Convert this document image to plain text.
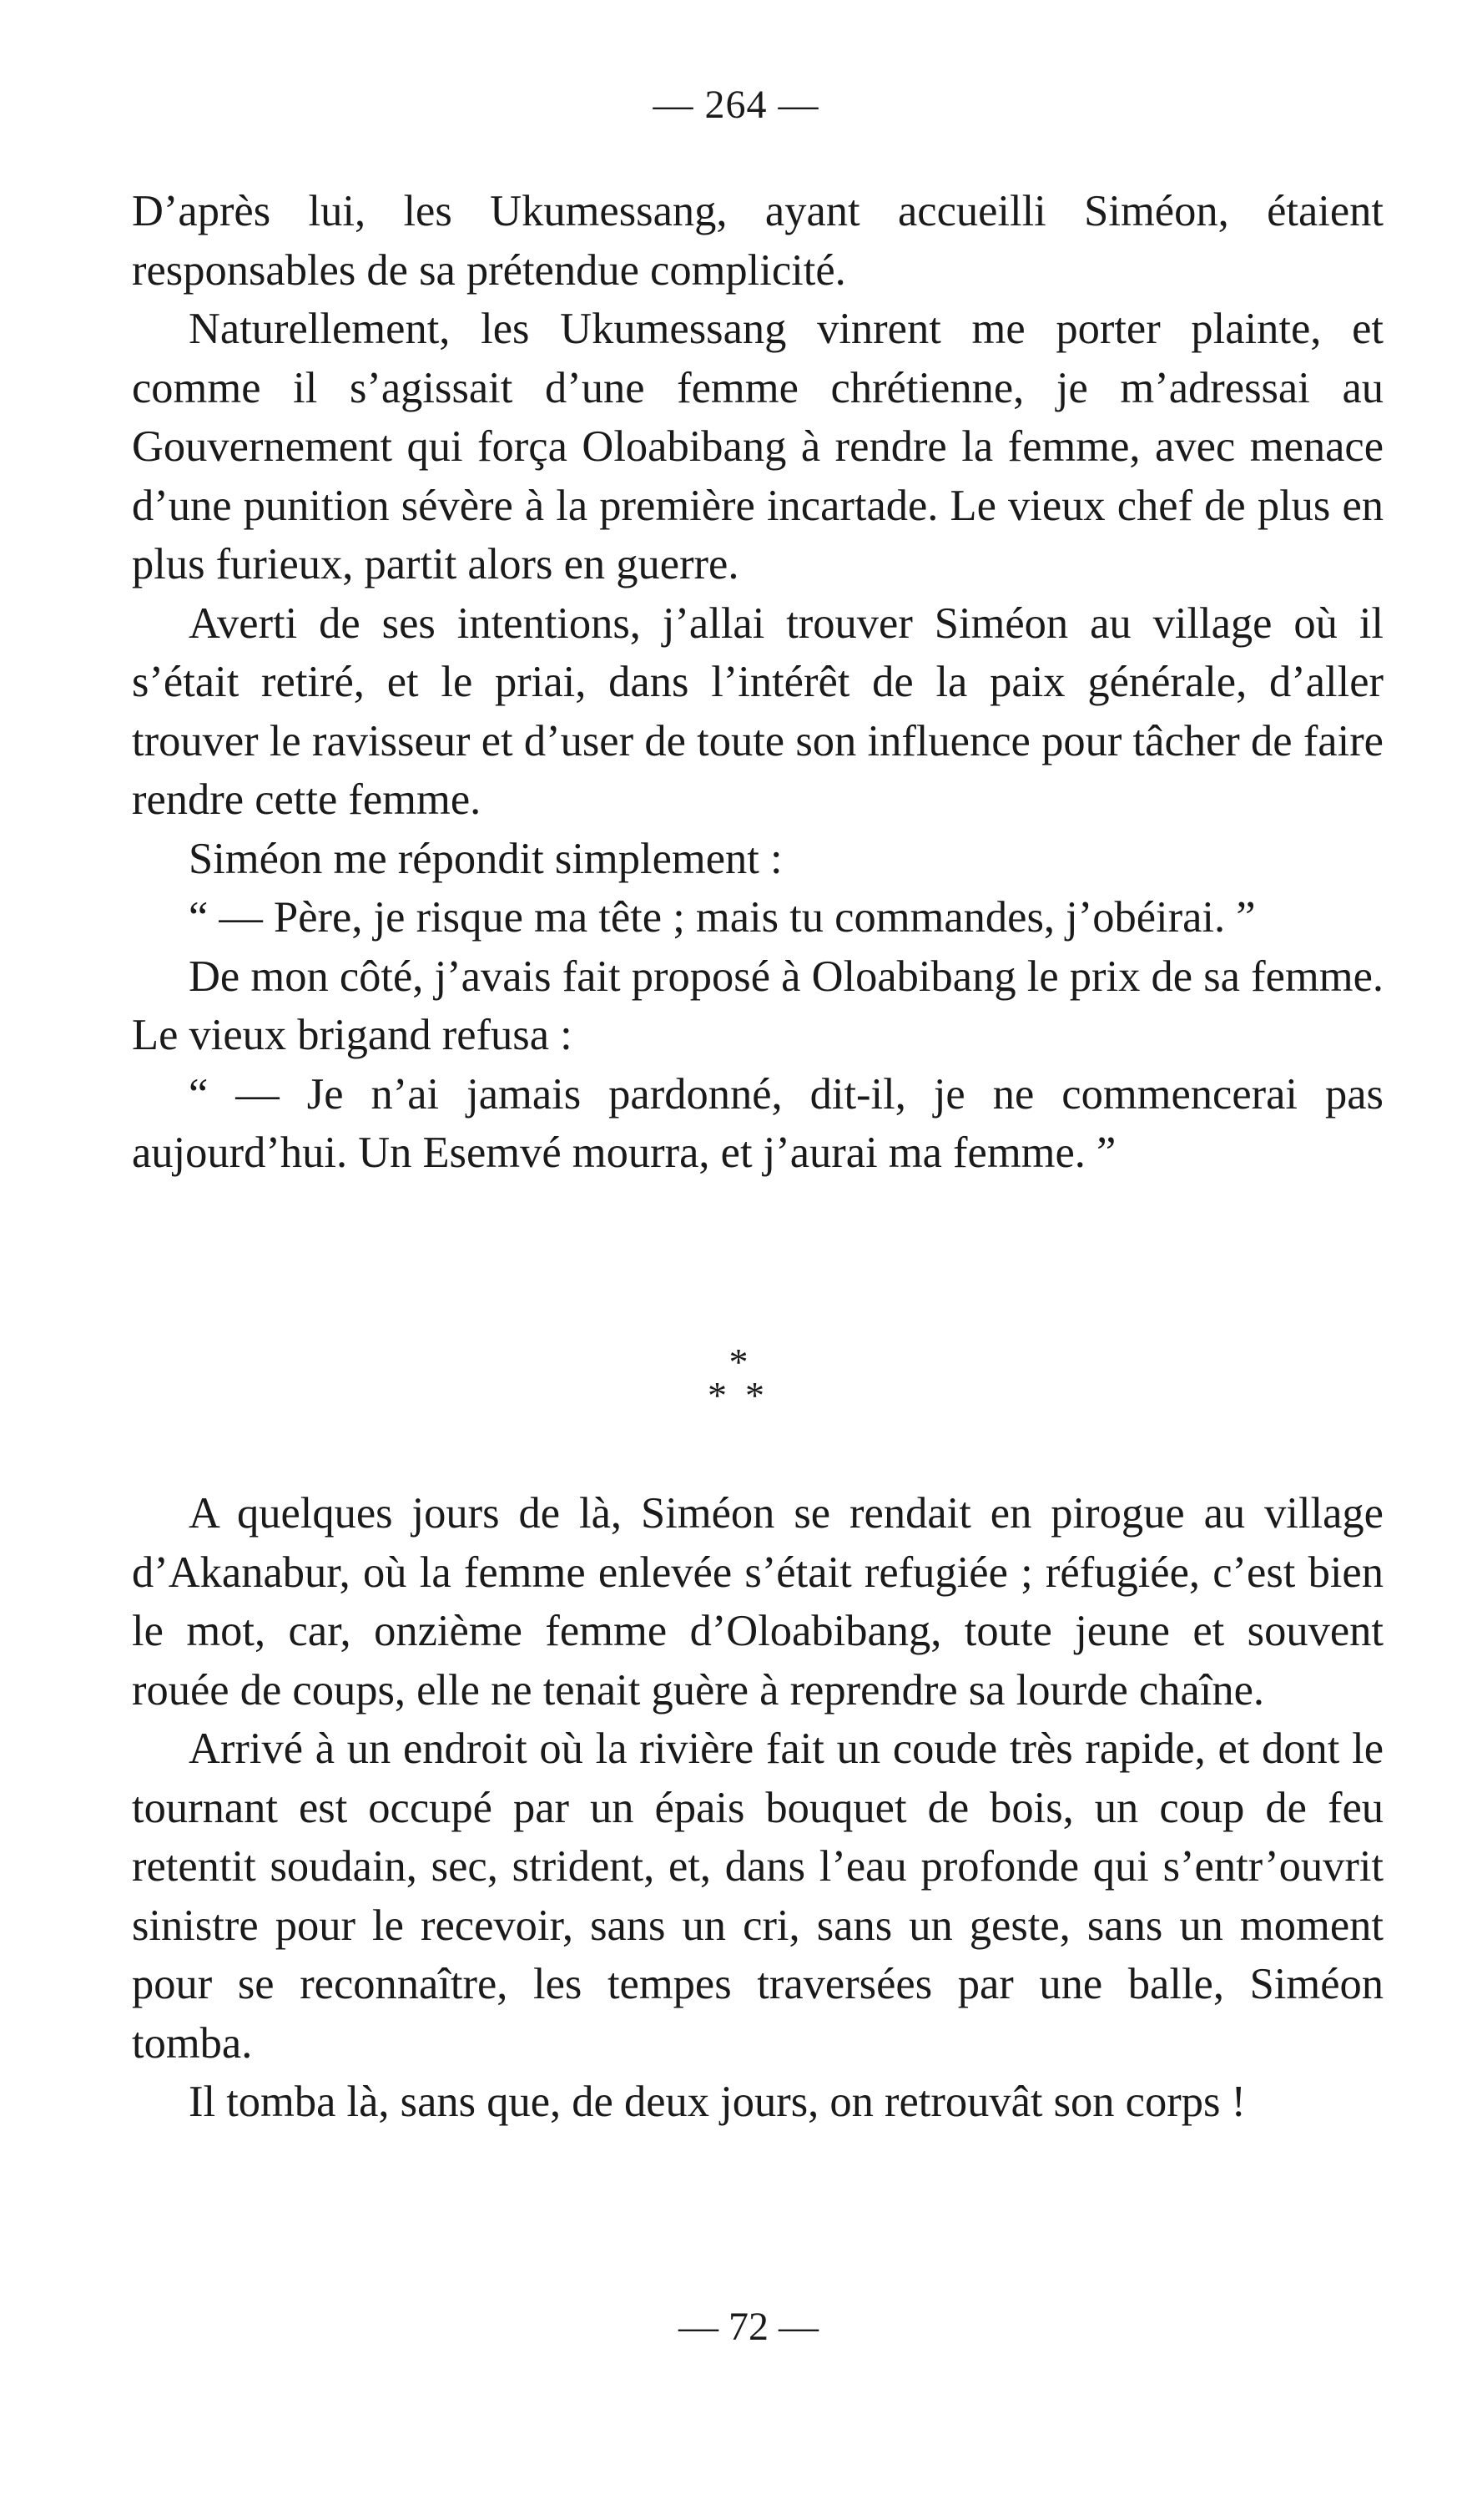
— 264 —

D’après lui, les Ukumessang, ayant accueilli Siméon, étaient responsables de sa prétendue complicité.

Naturellement, les Ukumessang vinrent me porter plainte, et comme il s’agissait d’une femme chrétienne, je m’adressai au Gouvernement qui força Oloabibang à rendre la femme, avec menace d’une punition sévère à la première incartade. Le vieux chef de plus en plus furieux, partit alors en guerre.

Averti de ses intentions, j’allai trouver Siméon au village où il s’était retiré, et le priai, dans l’intérêt de la paix générale, d’aller trouver le ravisseur et d’user de toute son influence pour tâcher de faire rendre cette femme.

Siméon me répondit simplement :

“ — Père, je risque ma tête ; mais tu commandes, j’obéirai. ”

De mon côté, j’avais fait proposé à Oloabibang le prix de sa femme. Le vieux brigand refusa :

“ — Je n’ai jamais pardonné, dit-il, je ne commencerai pas aujourd’hui. Un Esemvé mourra, et j’aurai ma femme. ”

*
**

A quelques jours de là, Siméon se rendait en pirogue au village d’Akanabur, où la femme enlevée s’était refugiée ; réfugiée, c’est bien le mot, car, onzième femme d’Oloabibang, toute jeune et souvent rouée de coups, elle ne tenait guère à reprendre sa lourde chaîne.

Arrivé à un endroit où la rivière fait un coude très rapide, et dont le tournant est occupé par un épais bouquet de bois, un coup de feu retentit soudain, sec, strident, et, dans l’eau profonde qui s’entr’ouvrit sinistre pour le recevoir, sans un cri, sans un geste, sans un moment pour se reconnaître, les tempes traversées par une balle, Siméon tomba.

Il tomba là, sans que, de deux jours, on retrouvât son corps !

— 72 —
